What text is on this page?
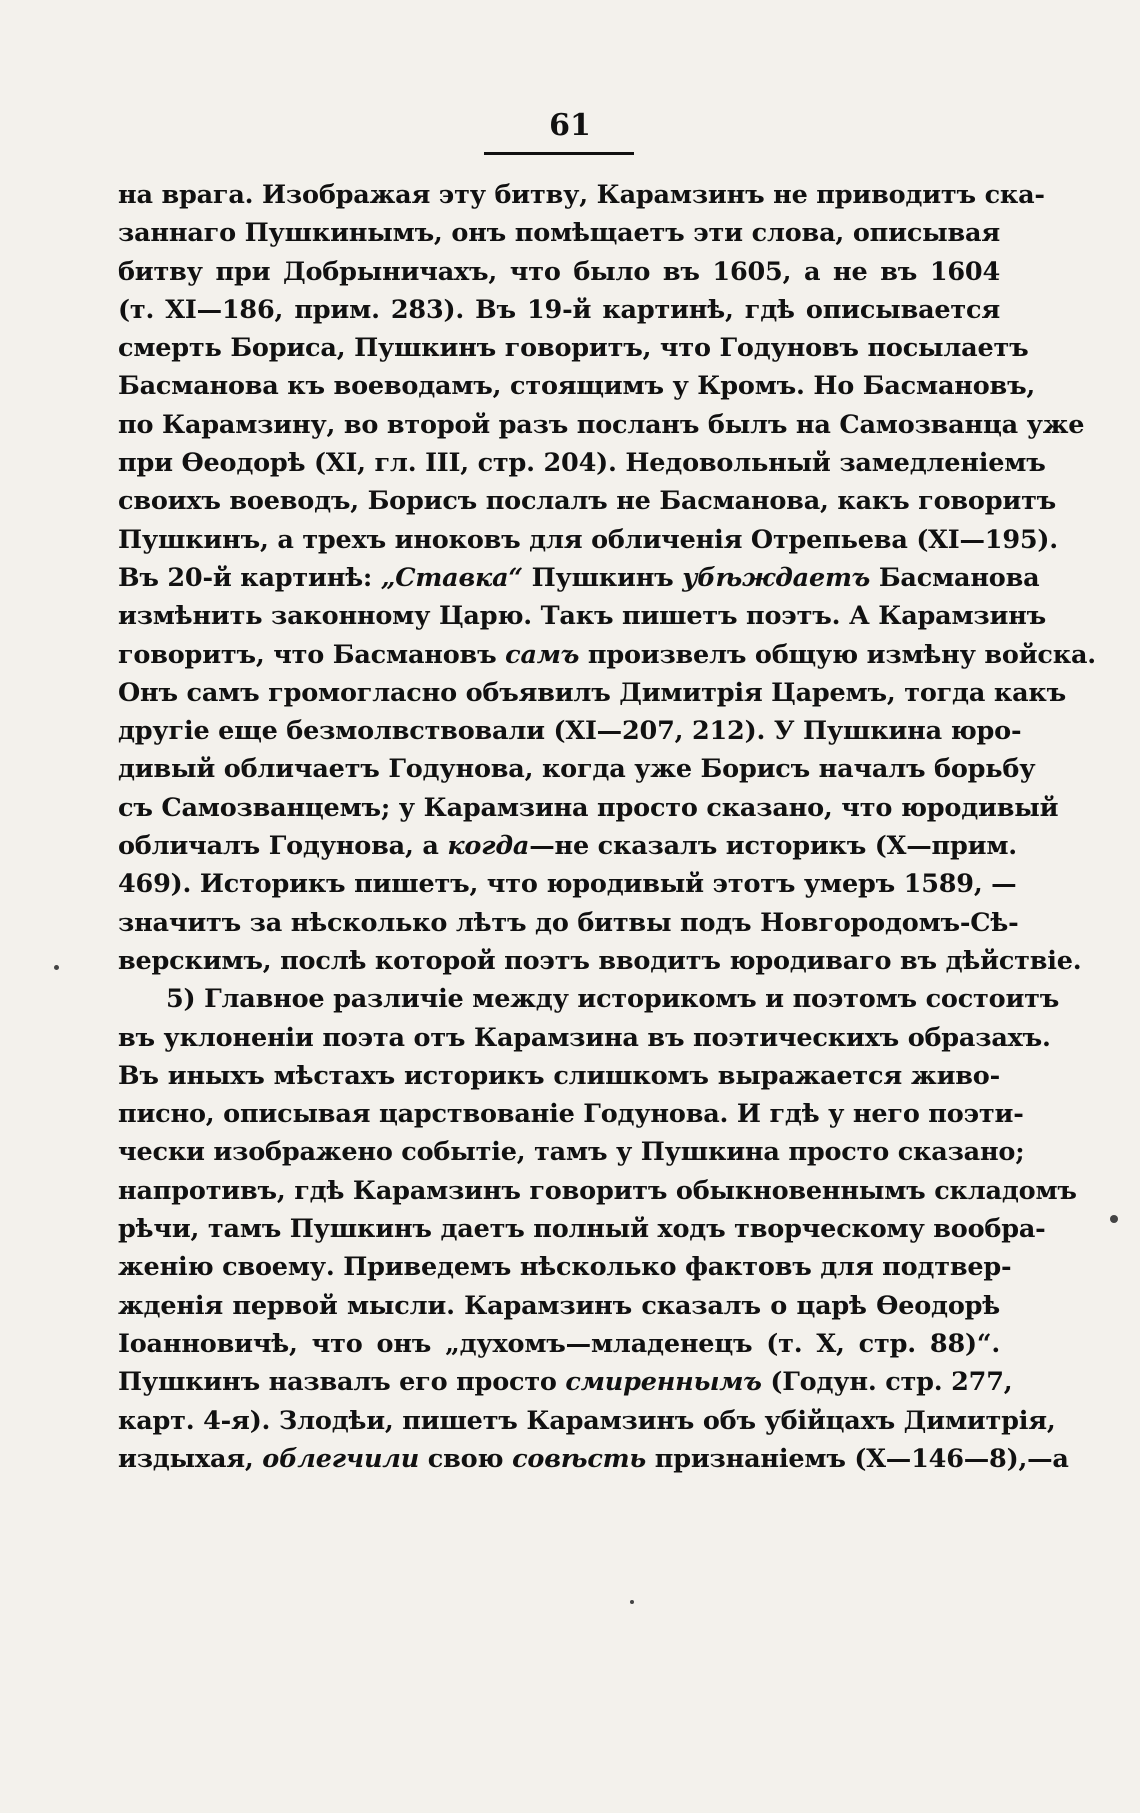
61
на врага. Изображая эту битву, Карамзинъ не приводитъ ска-
заннаго Пушкинымъ, онъ помѣщаетъ эти слова, описывая
битву при Добрыничахъ, что было въ 1605, а не въ 1604
(т. XI—186, прим. 283). Въ 19-й картинѣ, гдѣ описывается
смерть Бориса, Пушкинъ говоритъ, что Годуновъ посылаетъ
Басманова къ воеводамъ, стоящимъ у Кромъ. Но Басмановъ,
по Карамзину, во второй разъ посланъ былъ на Самозванца уже
при Ѳеодорѣ (XI, гл. III, стр. 204). Недовольный замедленіемъ
своихъ воеводъ, Борисъ послалъ не Басманова, какъ говоритъ
Пушкинъ, а трехъ иноковъ для обличенія Отрепьева (XI—195).
Въ 20-й картинѣ: „Ставка“ Пушкинъ убѣждаетъ Басманова
измѣнить законному Царю. Такъ пишетъ поэтъ. А Карамзинъ
говоритъ, что Басмановъ самъ произвелъ общую измѣну войска.
Онъ самъ громогласно объявилъ Димитрія Царемъ, тогда какъ
другіе еще безмолвствовали (XI—207, 212). У Пушкина юро-
дивый обличаетъ Годунова, когда уже Борисъ началъ борьбу
съ Самозванцемъ; у Карамзина просто сказано, что юродивый
обличалъ Годунова, а когда—не сказалъ историкъ (X—прим.
469). Историкъ пишетъ, что юродивый этотъ умеръ 1589, —
значитъ за нѣсколько лѣтъ до битвы подъ Новгородомъ-Сѣ-
верскимъ, послѣ которой поэтъ вводитъ юродиваго въ дѣйствіе.
5) Главное различіе между историкомъ и поэтомъ состоитъ
въ уклоненіи поэта отъ Карамзина въ поэтическихъ образахъ.
Въ иныхъ мѣстахъ историкъ слишкомъ выражается живо-
писно, описывая царствованіе Годунова. И гдѣ у него поэти-
чески изображено событіе, тамъ у Пушкина просто сказано;
напротивъ, гдѣ Карамзинъ говоритъ обыкновеннымъ складомъ
рѣчи, тамъ Пушкинъ даетъ полный ходъ творческому вообра-
женію своему. Приведемъ нѣсколько фактовъ для подтвер-
жденія первой мысли. Карамзинъ сказалъ о царѣ Ѳеодорѣ
Іоанновичѣ, что онъ „духомъ—младенецъ (т. X, стр. 88)“.
Пушкинъ назвалъ его просто смиреннымъ (Годун. стр. 277,
карт. 4-я). Злодѣи, пишетъ Карамзинъ объ убійцахъ Димитрія,
издыхая, облегчили свою совѣсть признаніемъ (X—146—8),—а
